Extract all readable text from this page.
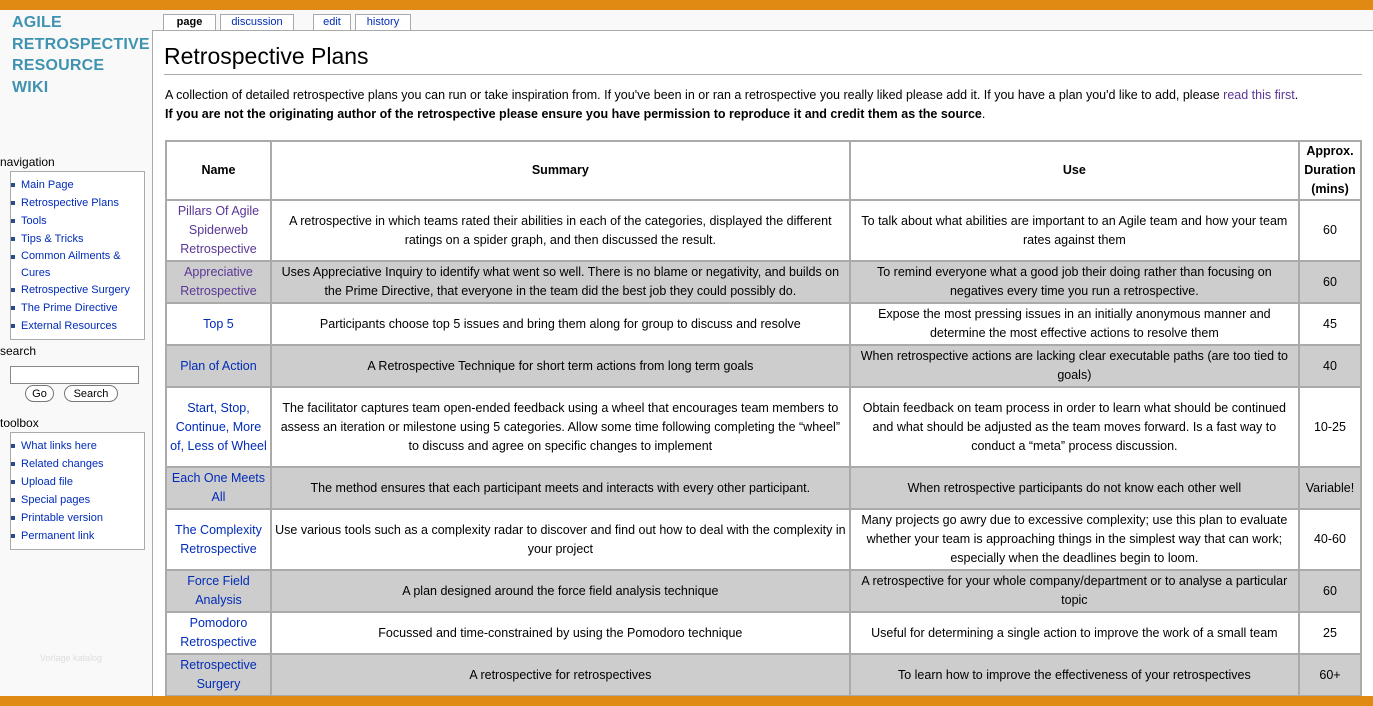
AGILE
RETROSPECTIVE
RESOURCE
WIKI
navigation
Main Page
Retrospective Plans
Tools
Tips & Tricks
Common Ailments & Cures
Retrospective Surgery
The Prime Directive
External Resources
search
Go	Search
toolbox
What links here
Related changes
Upload file
Special pages
Printable version
Permanent link
Vorlage katalog
page	discussion	edit	history
Retrospective Plans
A collection of detailed retrospective plans you can run or take inspiration from. If you've been in or ran a retrospective you really liked please add it. If you have a plan you'd like to add, please read this first.
If you are not the originating author of the retrospective please ensure you have permission to reproduce it and credit them as the source.
Name	Summary	Use	Approx. Duration (mins)
Pillars Of Agile Spiderweb Retrospective	A retrospective in which teams rated their abilities in each of the categories, displayed the different ratings on a spider graph, and then discussed the result.	To talk about what abilities are important to an Agile team and how your team rates against them	60
Appreciative Retrospective	Uses Appreciative Inquiry to identify what went so well. There is no blame or negativity, and builds on the Prime Directive, that everyone in the team did the best job they could possibly do.	To remind everyone what a good job their doing rather than focusing on negatives every time you run a retrospective.	60
Top 5	Participants choose top 5 issues and bring them along for group to discuss and resolve	Expose the most pressing issues in an initially anonymous manner and determine the most effective actions to resolve them	45
Plan of Action	A Retrospective Technique for short term actions from long term goals	When retrospective actions are lacking clear executable paths (are too tied to goals)	40
Start, Stop, Continue, More of, Less of Wheel	The facilitator captures team open-ended feedback using a wheel that encourages team members to assess an iteration or milestone using 5 categories. Allow some time following completing the “wheel” to discuss and agree on specific changes to implement	Obtain feedback on team process in order to learn what should be continued and what should be adjusted as the team moves forward. Is a fast way to conduct a “meta” process discussion.	10-25
Each One Meets All	The method ensures that each participant meets and interacts with every other participant.	When retrospective participants do not know each other well	Variable!
The Complexity Retrospective	Use various tools such as a complexity radar to discover and find out how to deal with the complexity in your project	Many projects go awry due to excessive complexity; use this plan to evaluate whether your team is approaching things in the simplest way that can work; especially when the deadlines begin to loom.	40-60
Force Field Analysis	A plan designed around the force field analysis technique	A retrospective for your whole company/department or to analyse a particular topic	60
Pomodoro Retrospective	Focussed and time-constrained by using the Pomodoro technique	Useful for determining a single action to improve the work of a small team	25
Retrospective Surgery	A retrospective for retrospectives	To learn how to improve the effectiveness of your retrospectives	60+
